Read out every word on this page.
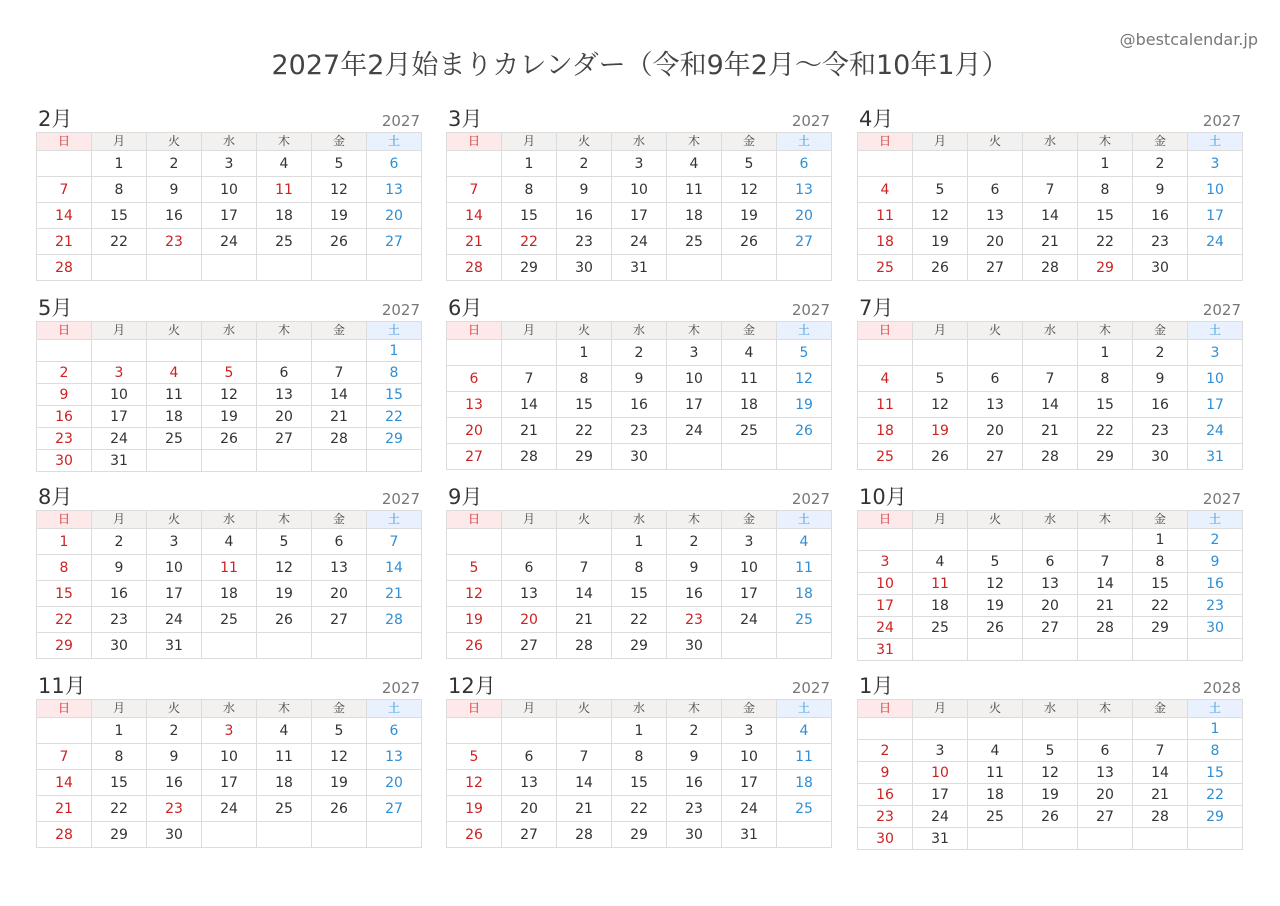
2027年2月始まりカレンダー（令和9年2月〜令和10年1月）
@bestcalendar.jp
2月	2027
日	月	火	水	木	金	土
	1	2	3	4	5	6
7	8	9	10	11	12	13
14	15	16	17	18	19	20
21	22	23	24	25	26	27
28						
3月	2027
日	月	火	水	木	金	土
	1	2	3	4	5	6
7	8	9	10	11	12	13
14	15	16	17	18	19	20
21	22	23	24	25	26	27
28	29	30	31			
4月	2027
日	月	火	水	木	金	土
				1	2	3
4	5	6	7	8	9	10
11	12	13	14	15	16	17
18	19	20	21	22	23	24
25	26	27	28	29	30	
5月	2027
日	月	火	水	木	金	土
						1
2	3	4	5	6	7	8
9	10	11	12	13	14	15
16	17	18	19	20	21	22
23	24	25	26	27	28	29
30	31					
6月	2027
日	月	火	水	木	金	土
		1	2	3	4	5
6	7	8	9	10	11	12
13	14	15	16	17	18	19
20	21	22	23	24	25	26
27	28	29	30			
7月	2027
日	月	火	水	木	金	土
				1	2	3
4	5	6	7	8	9	10
11	12	13	14	15	16	17
18	19	20	21	22	23	24
25	26	27	28	29	30	31
8月	2027
日	月	火	水	木	金	土
1	2	3	4	5	6	7
8	9	10	11	12	13	14
15	16	17	18	19	20	21
22	23	24	25	26	27	28
29	30	31				
9月	2027
日	月	火	水	木	金	土
			1	2	3	4
5	6	7	8	9	10	11
12	13	14	15	16	17	18
19	20	21	22	23	24	25
26	27	28	29	30		
10月	2027
日	月	火	水	木	金	土
					1	2
3	4	5	6	7	8	9
10	11	12	13	14	15	16
17	18	19	20	21	22	23
24	25	26	27	28	29	30
31						
11月	2027
日	月	火	水	木	金	土
	1	2	3	4	5	6
7	8	9	10	11	12	13
14	15	16	17	18	19	20
21	22	23	24	25	26	27
28	29	30				
12月	2027
日	月	火	水	木	金	土
			1	2	3	4
5	6	7	8	9	10	11
12	13	14	15	16	17	18
19	20	21	22	23	24	25
26	27	28	29	30	31	
1月	2028
日	月	火	水	木	金	土
						1
2	3	4	5	6	7	8
9	10	11	12	13	14	15
16	17	18	19	20	21	22
23	24	25	26	27	28	29
30	31					
